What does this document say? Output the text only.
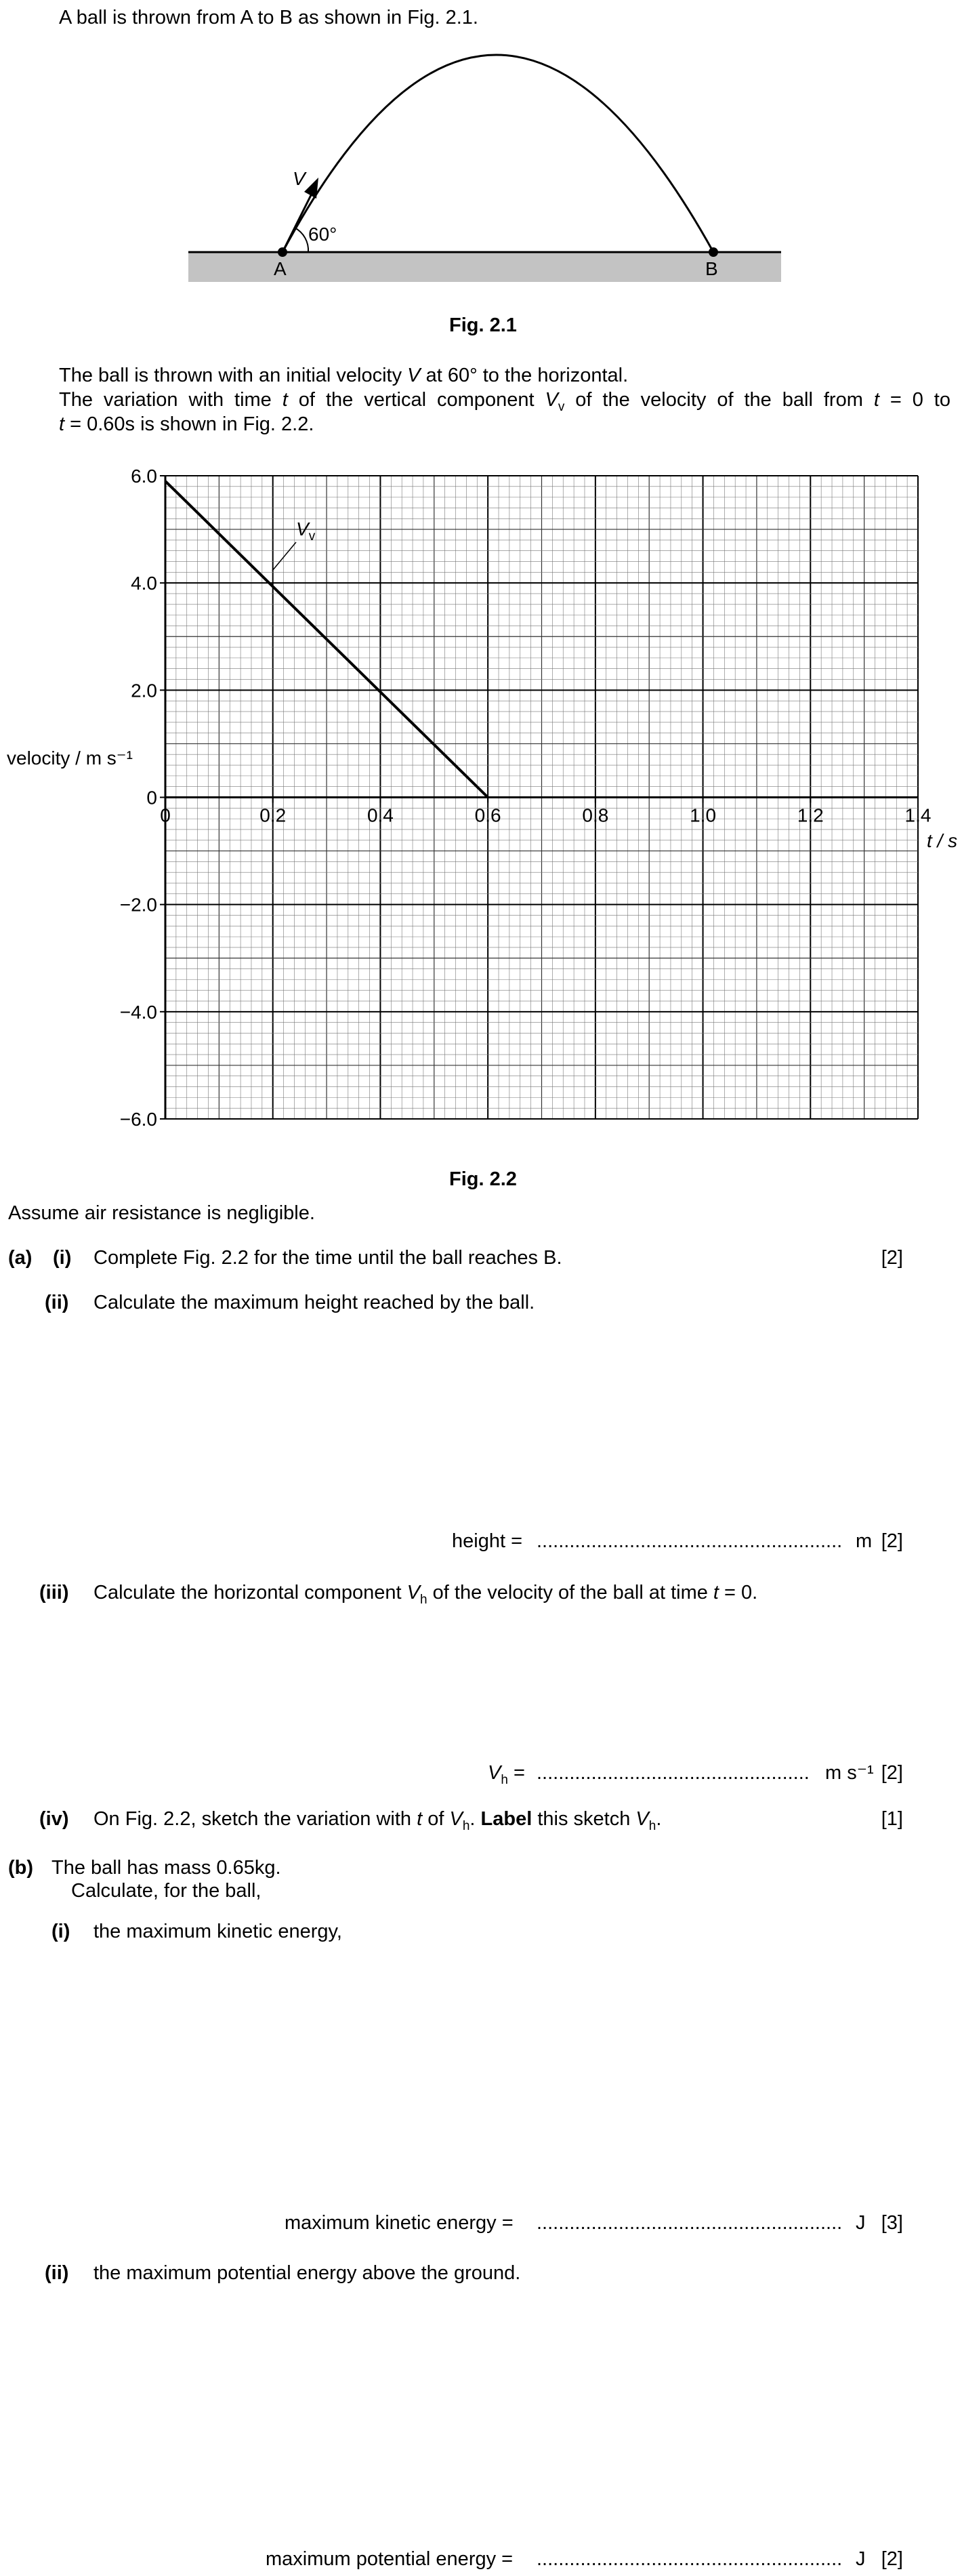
A ball is thrown from A to B as shown in Fig. 2.1.
V
60°
A	B
Fig. 2.1
The ball is thrown with an initial velocity V at 60° to the horizontal.
The variation with time t of the vertical component $V_v$ of the velocity of the ball from t = 0 to
t = 0.60s is shown in Fig. 2.2.
0	0.2	0.4	0.6	0.8	1.0	1.2	1.4
6.0
4.0
2.0
0
−2.0
−4.0
−6.0
velocity / m s⁻¹
t / s
$V_v$
Fig. 2.2
Assume air resistance is negligible.
(a) (i) Complete Fig. 2.2 for the time until the ball reaches B.	[2]
(ii) Calculate the maximum height reached by the ball.
height = ........................................................ m [2]
(iii) Calculate the horizontal component $V_h$ of the velocity of the ball at time t = 0.
$V_h$ = .................................................. m s⁻¹ [2]
(iv) On Fig. 2.2, sketch the variation with t of $V_h$. Label this sketch $V_h$.	[1]
(b) The ball has mass 0.65kg.
Calculate, for the ball,
(i) the maximum kinetic energy,
maximum kinetic energy = ........................................................ J [3]
(ii) the maximum potential energy above the ground.
maximum potential energy = ........................................................ J [2]
